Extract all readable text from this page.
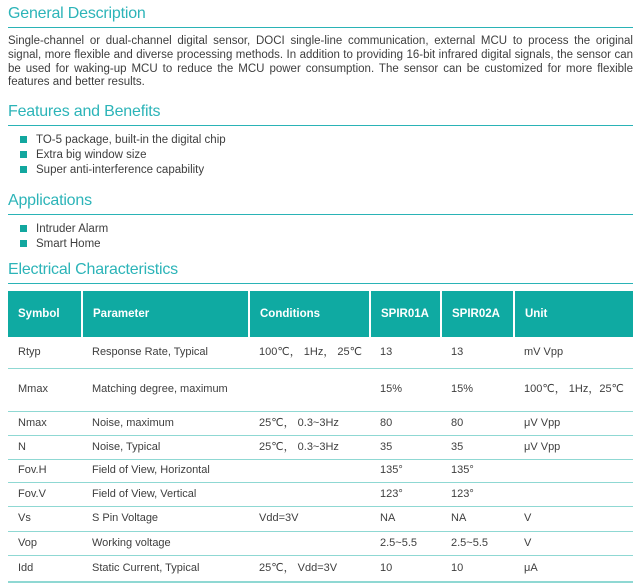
General Description

Single-channel or dual-channel digital sensor, DOCI single-line communication, external MCU to process the original signal, more flexible and diverse processing methods. In addition to providing 16-bit infrared digital signals, the sensor can be used for waking-up MCU to reduce the MCU power consumption. The sensor can be customized for more flexible features and better results.

Features and Benefits
TO-5 package, built-in the digital chip
Extra big window size
Super anti-interference capability
Applications
Intruder Alarm
Smart Home
Electrical Characteristics
Symbol	Parameter	Conditions	SPIR01A	SPIR02A	Unit
Rtyp	Response Rate, Typical	100℃， 1Hz， 25℃	13	13	mV Vpp
Mmax	Matching degree, maximum		15%	15%	100℃， 1Hz，25℃
Nmax	Noise, maximum	25℃， 0.3~3Hz	80	80	μV Vpp
N	Noise, Typical	25℃， 0.3~3Hz	35	35	μV Vpp
Fov.H	Field of View, Horizontal		135°	135°	
Fov.V	Field of View, Vertical		123°	123°	
Vs	S Pin Voltage	Vdd=3V	NA	NA	V
Vop	Working voltage		2.5~5.5	2.5~5.5	V
Idd	Static Current, Typical	25℃， Vdd=3V	10	10	μA
